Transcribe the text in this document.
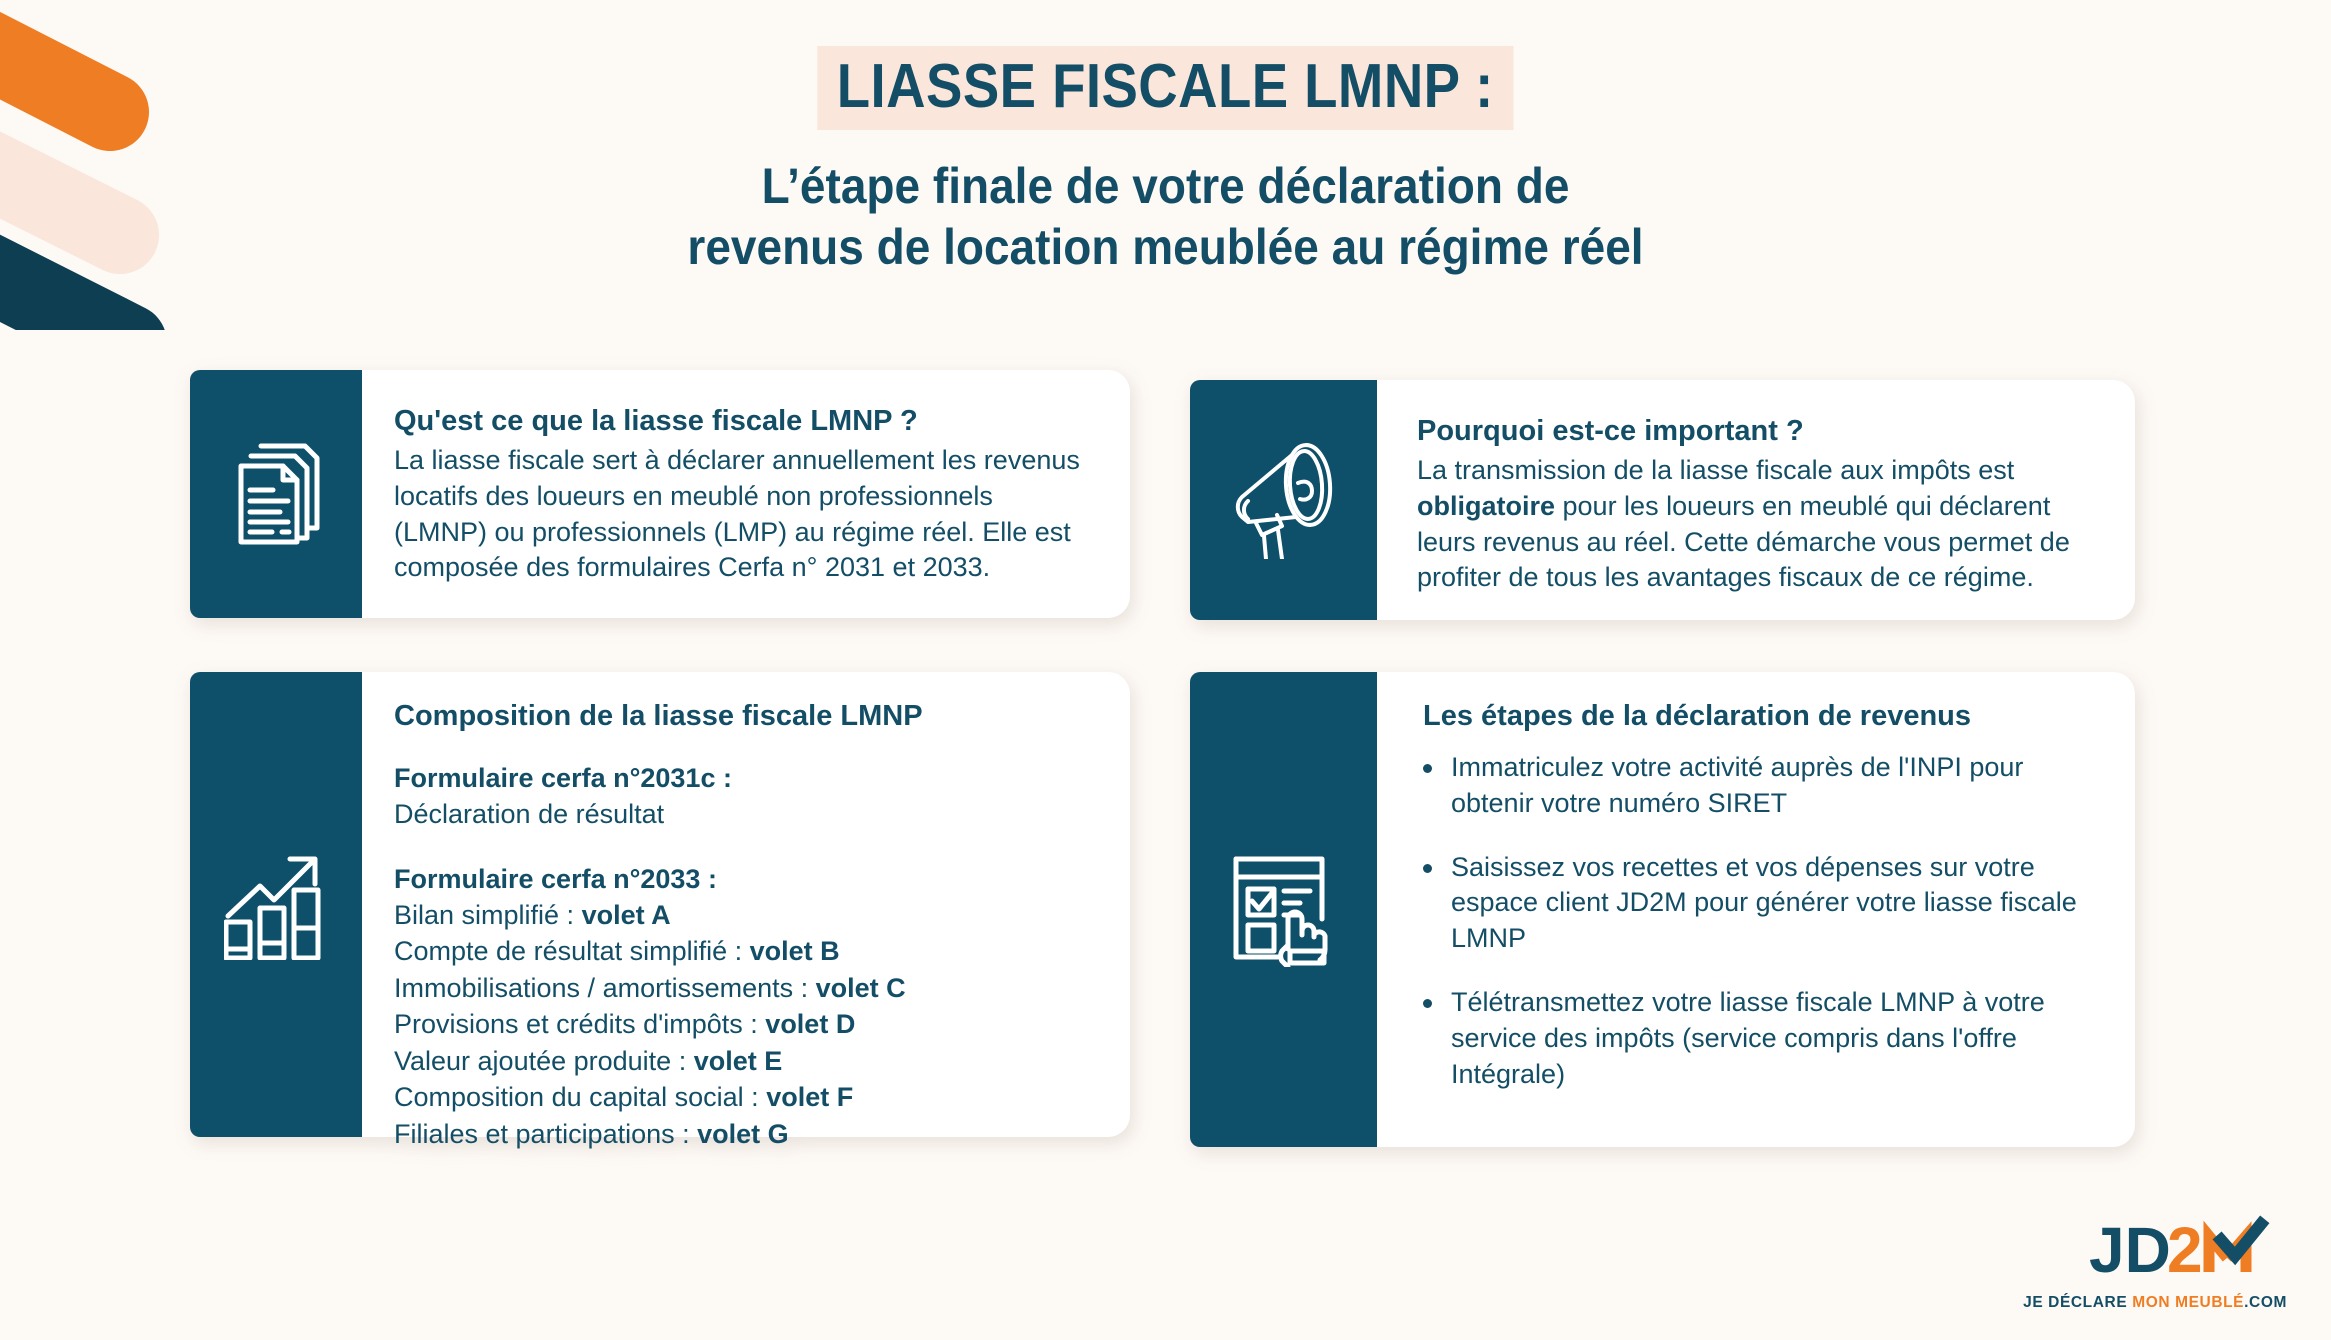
LIASSE FISCALE LMNP :
L’étape finale de votre déclaration de
revenus de location meublée au régime réel

Qu'est ce que la liasse fiscale LMNP ?

La liasse fiscale sert à déclarer annuellement les revenus locatifs des loueurs en meublé non professionnels (LMNP) ou professionnels (LMP) au régime réel. Elle est composée des formulaires Cerfa n° 2031 et 2033.

Pourquoi est-ce important ?

La transmission de la liasse fiscale aux impôts est obligatoire pour les loueurs en meublé qui déclarent leurs revenus au réel. Cette démarche vous permet de profiter de tous les avantages fiscaux de ce régime.

Composition de la liasse fiscale LMNP

Formulaire cerfa n°2031c :

Déclaration de résultat

Formulaire cerfa n°2033 :

Bilan simplifié : volet A

Compte de résultat simplifié : volet B

Immobilisations / amortissements : volet C

Provisions et crédits d'impôts : volet D

Valeur ajoutée produite : volet E

Composition du capital social : volet F

Filiales et participations : volet G

Les étapes de la déclaration de revenus

Immatriculez votre activité auprès de l'INPI pour obtenir votre numéro SIRET
Saisissez vos recettes et vos dépenses sur votre espace client JD2M pour générer votre liasse fiscale LMNP
Télétransmettez votre liasse fiscale LMNP à votre service des impôts (service compris dans l'offre Intégrale)
JD
2
JE DÉCLARE MON MEUBLÉ.COM
